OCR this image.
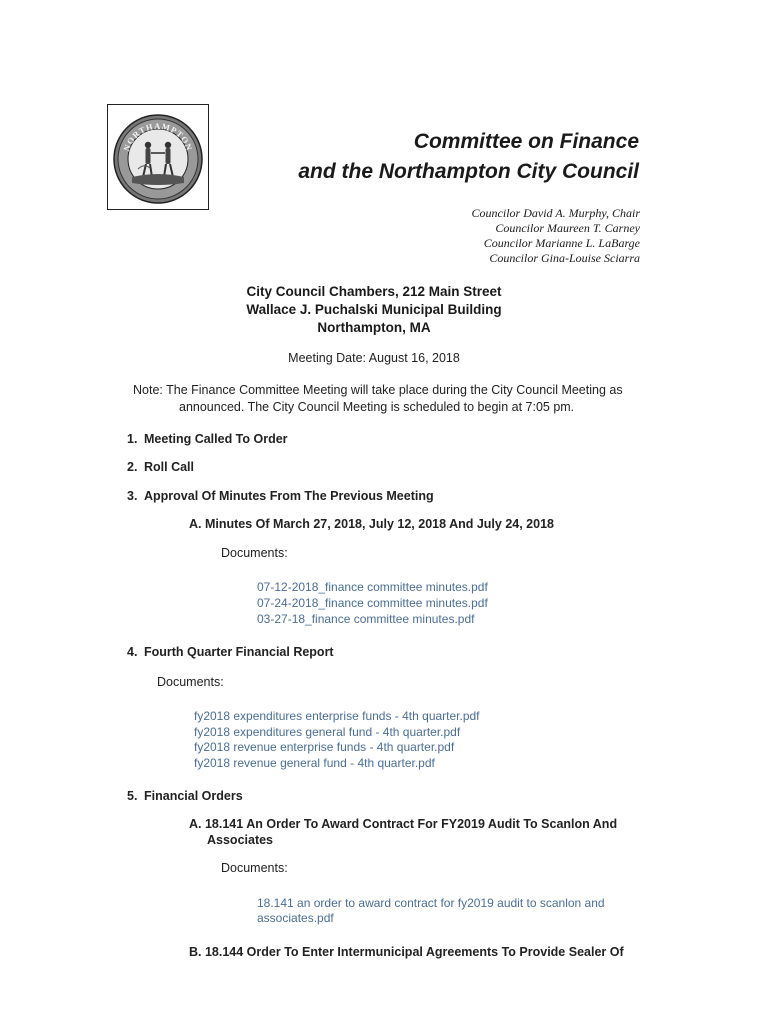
NORTHAMPTON	Committee on Finance
and the Northampton City Council
Councilor David A. Murphy, Chair
Councilor Maureen T. Carney
Councilor Marianne L. LaBarge
Councilor Gina-Louise Sciarra
City Council Chambers, 212 Main Street
Wallace J. Puchalski Municipal Building
Northampton, MA
Meeting Date: August 16, 2018
Note: The Finance Committee Meeting will take place during the City Council Meeting as
announced. The City Council Meeting is scheduled to begin at 7:05 pm.
1. Meeting Called To Order
2. Roll Call
3. Approval Of Minutes From The Previous Meeting
A. Minutes Of March 27, 2018, July 12, 2018 And July 24, 2018
Documents:
07-12-2018_finance committee minutes.pdf
07-24-2018_finance committee minutes.pdf
03-27-18_finance committee minutes.pdf
4. Fourth Quarter Financial Report
Documents:
fy2018 expenditures enterprise funds - 4th quarter.pdf
fy2018 expenditures general fund - 4th quarter.pdf
fy2018 revenue enterprise funds - 4th quarter.pdf
fy2018 revenue general fund - 4th quarter.pdf
5. Financial Orders
A. 18.141 An Order To Award Contract For FY2019 Audit To Scanlon And
Associates
Documents:
18.141 an order to award contract for fy2019 audit to scanlon and
associates.pdf
B. 18.144 Order To Enter Intermunicipal Agreements To Provide Sealer Of
